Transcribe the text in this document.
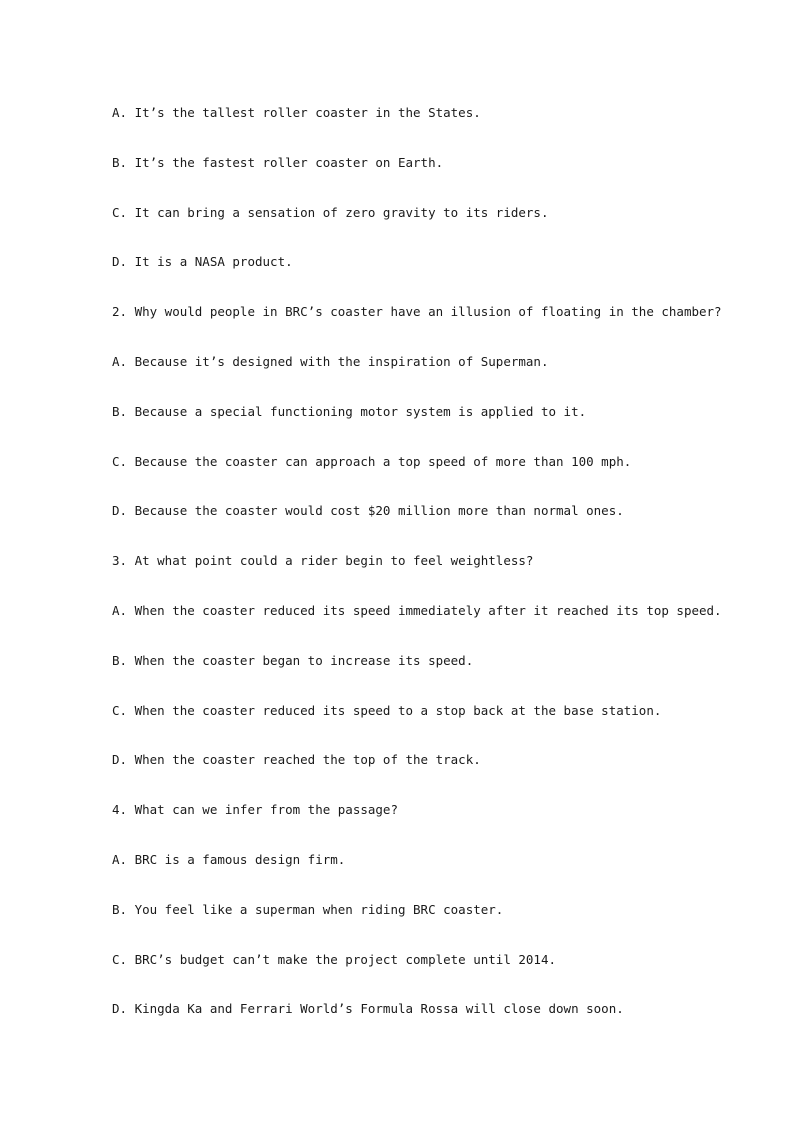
A. It’s the tallest roller coaster in the States.
B. It’s the fastest roller coaster on Earth.
C. It can bring a sensation of zero gravity to its riders.
D. It is a NASA product.
2. Why would people in BRC’s coaster have an illusion of floating in the chamber?
A. Because it’s designed with the inspiration of Superman.
B. Because a special functioning motor system is applied to it.
C. Because the coaster can approach a top speed of more than 100 mph.
D. Because the coaster would cost $20 million more than normal ones.
3. At what point could a rider begin to feel weightless?
A. When the coaster reduced its speed immediately after it reached its top speed.
B. When the coaster began to increase its speed.
C. When the coaster reduced its speed to a stop back at the base station.
D. When the coaster reached the top of the track.
4. What can we infer from the passage?
A. BRC is a famous design firm.
B. You feel like a superman when riding BRC coaster.
C. BRC’s budget can’t make the project complete until 2014.
D. Kingda Ka and Ferrari World’s Formula Rossa will close down soon.
